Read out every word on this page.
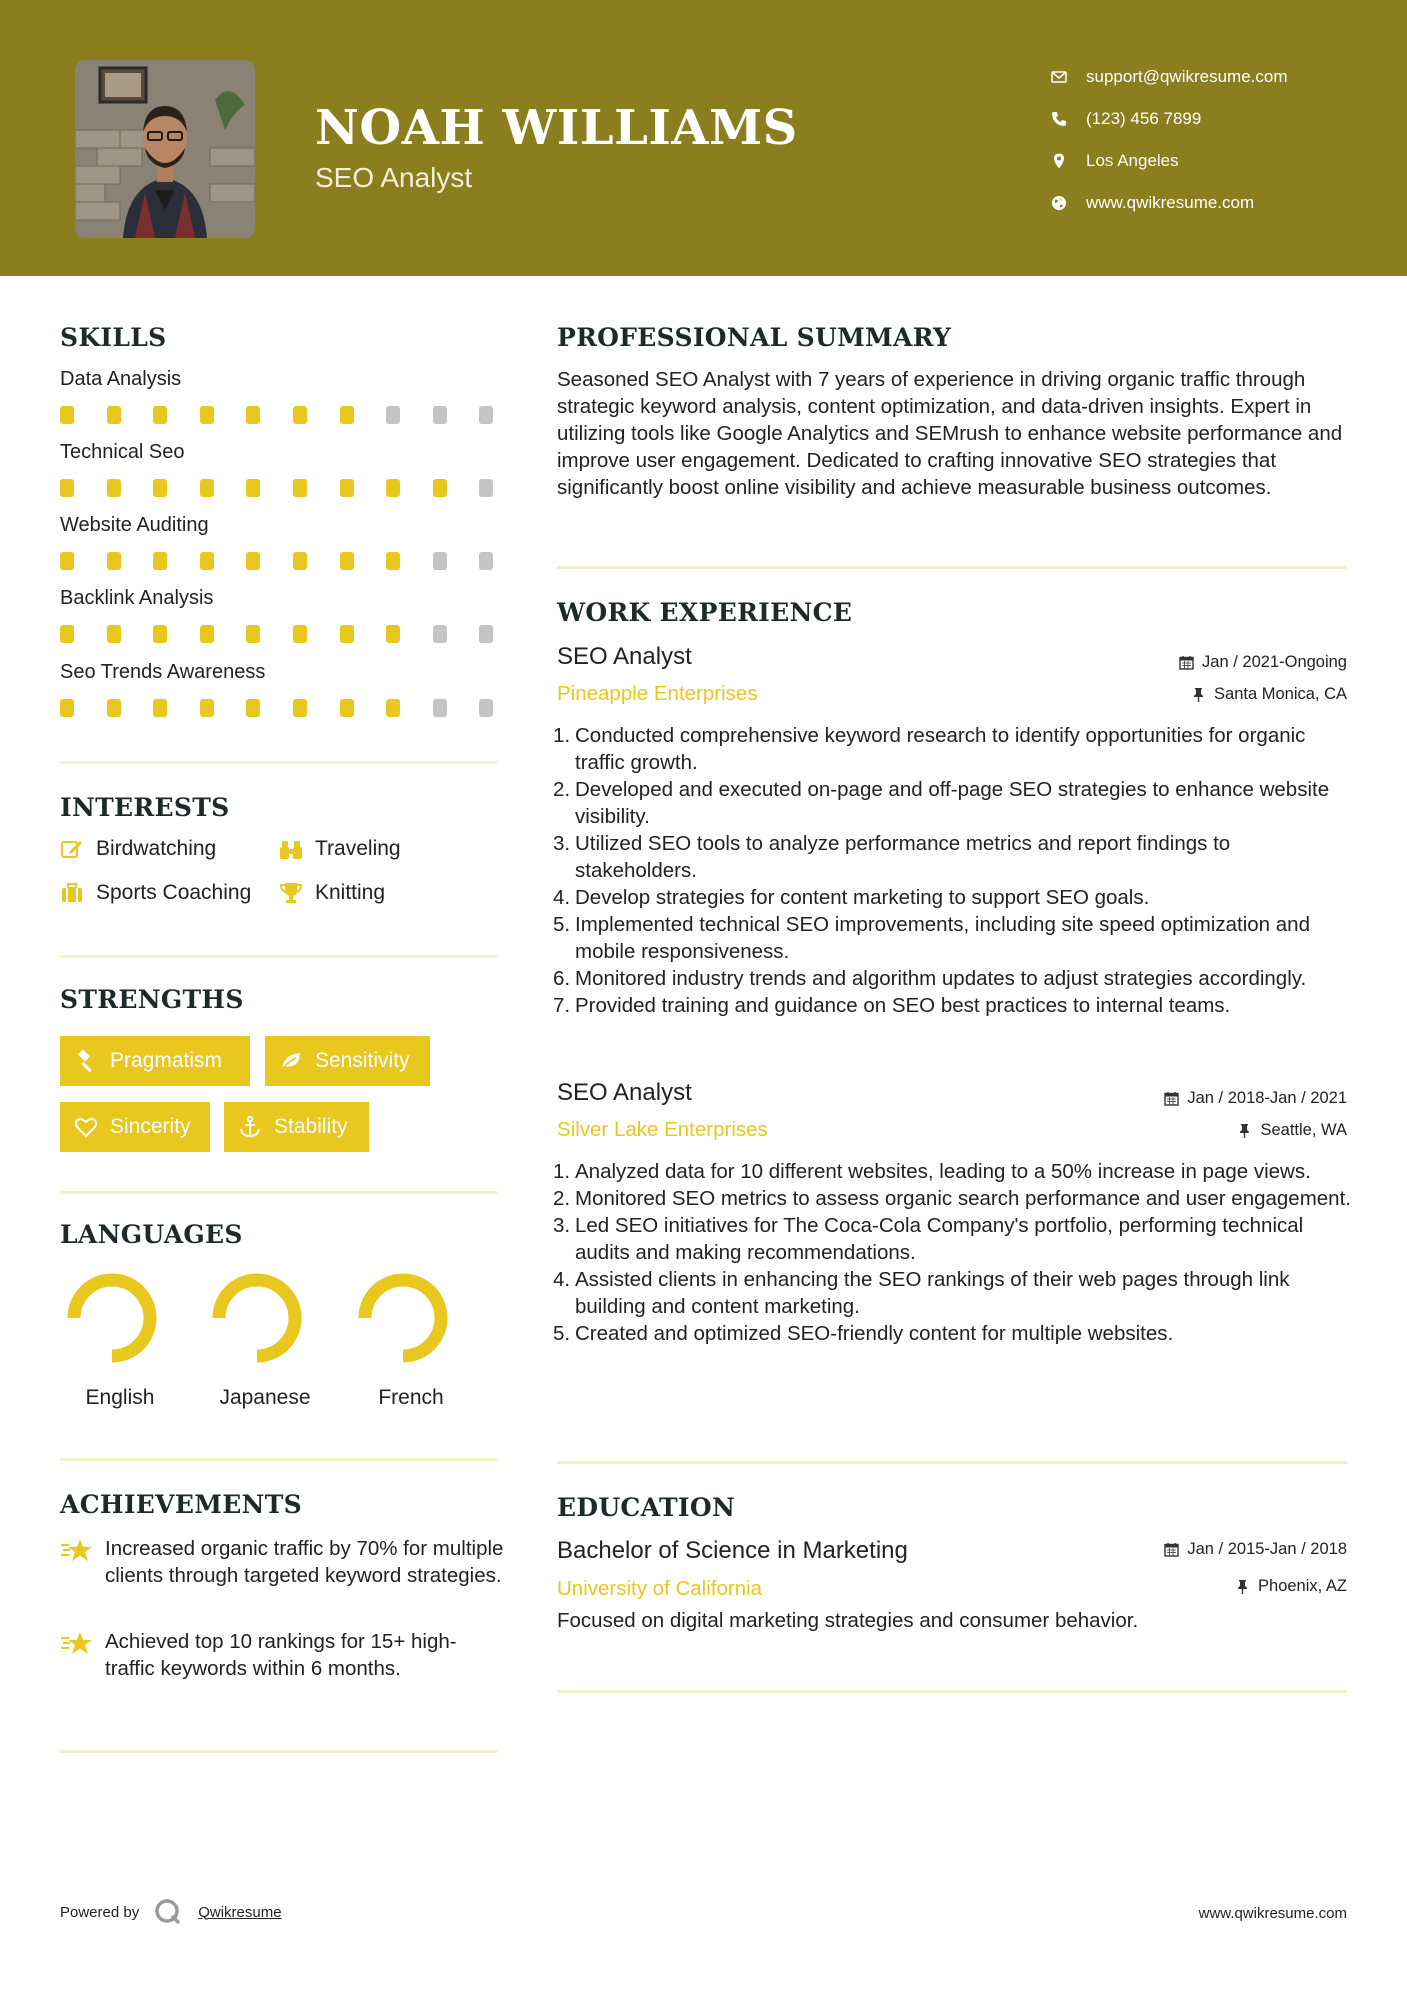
NOAH WILLIAMS
SEO Analyst
support@qwikresume.com
(123) 456 7899
Los Angeles
www.qwikresume.com
SKILLS
Data Analysis
Technical Seo
Website Auditing
Backlink Analysis
Seo Trends Awareness
INTERESTS
Birdwatching	Traveling
Sports Coaching	Knitting
STRENGTHS
Pragmatism	Sensitivity
Sincerity	Stability
LANGUAGES
English	Japanese	French
ACHIEVEMENTS
Increased organic traffic by 70% for multiple clients through targeted keyword strategies.
Achieved top 10 rankings for 15+ high-traffic keywords within 6 months.
PROFESSIONAL SUMMARY
Seasoned SEO Analyst with 7 years of experience in driving organic traffic through strategic keyword analysis, content optimization, and data-driven insights. Expert in utilizing tools like Google Analytics and SEMrush to enhance website performance and improve user engagement. Dedicated to crafting innovative SEO strategies that significantly boost online visibility and achieve measurable business outcomes.
WORK EXPERIENCE
SEO Analyst	Jan / 2021-Ongoing
Pineapple Enterprises	Santa Monica, CA
1. Conducted comprehensive keyword research to identify opportunities for organic traffic growth.
2. Developed and executed on-page and off-page SEO strategies to enhance website visibility.
3. Utilized SEO tools to analyze performance metrics and report findings to stakeholders.
4. Develop strategies for content marketing to support SEO goals.
5. Implemented technical SEO improvements, including site speed optimization and mobile responsiveness.
6. Monitored industry trends and algorithm updates to adjust strategies accordingly.
7. Provided training and guidance on SEO best practices to internal teams.
SEO Analyst	Jan / 2018-Jan / 2021
Silver Lake Enterprises	Seattle, WA
1. Analyzed data for 10 different websites, leading to a 50% increase in page views.
2. Monitored SEO metrics to assess organic search performance and user engagement.
3. Led SEO initiatives for The Coca-Cola Company's portfolio, performing technical audits and making recommendations.
4. Assisted clients in enhancing the SEO rankings of their web pages through link building and content marketing.
5. Created and optimized SEO-friendly content for multiple websites.
EDUCATION
Bachelor of Science in Marketing	Jan / 2015-Jan / 2018
University of California	Phoenix, AZ
Focused on digital marketing strategies and consumer behavior.
Powered by	Qwikresume	www.qwikresume.com
